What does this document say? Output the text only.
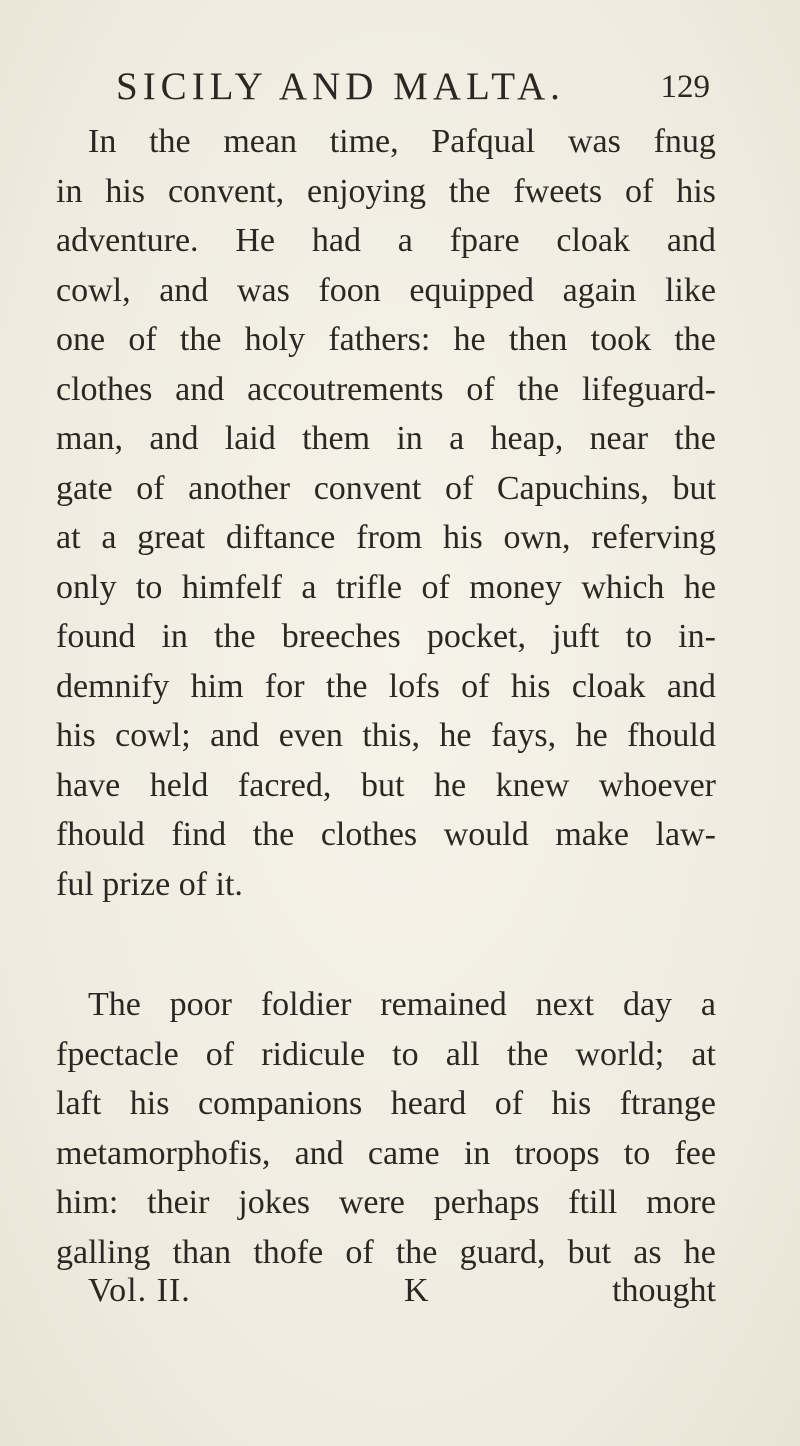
SICILY AND MALTA.	129
In the mean time, Pafqual was fnug
in his convent, enjoying the fweets of his
adventure. He had a fpare cloak and
cowl, and was foon equipped again like
one of the holy fathers: he then took the
clothes and accoutrements of the lifeguard-
man, and laid them in a heap, near the
gate of another convent of Capuchins, but
at a great diftance from his own, referving
only to himfelf a trifle of money which he
found in the breeches pocket, juft to in-
demnify him for the lofs of his cloak and
his cowl; and even this, he fays, he fhould
have held facred, but he knew whoever
fhould find the clothes would make law-
ful prize of it.
The poor foldier remained next day a
fpectacle of ridicule to all the world; at
laft his companions heard of his ftrange
metamorphofis, and came in troops to fee
him: their jokes were perhaps ftill more
galling than thofe of the guard, but as he
Vol. II.	K	thought
